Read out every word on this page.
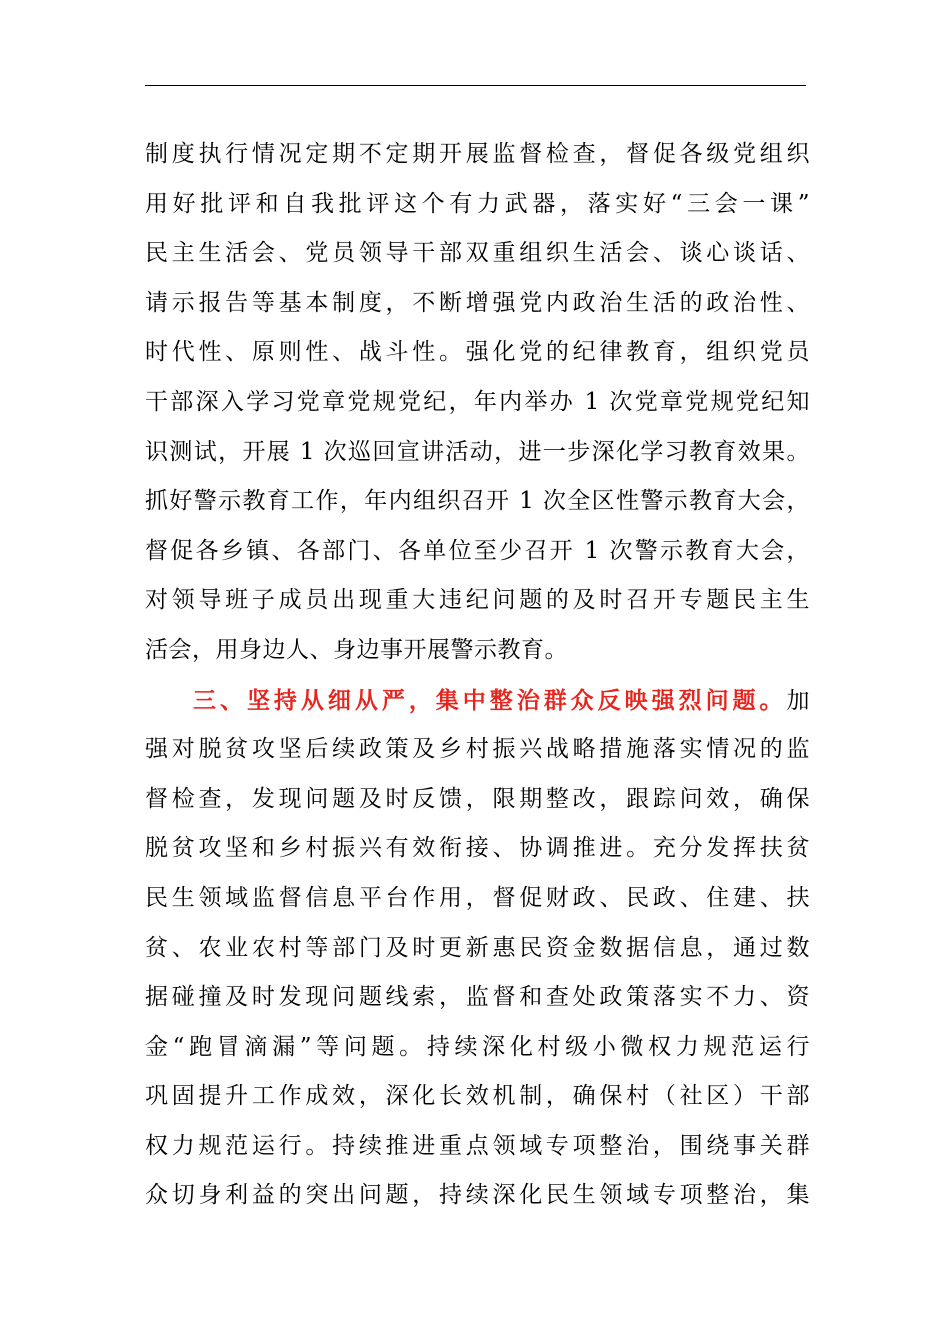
制度执行情况定期不定期开展监督检查，督促各级党组织
用好批评和自我批评这个有力武器，落实好“三会一课”
民主生活会、党员领导干部双重组织生活会、谈心谈话、
请示报告等基本制度，不断增强党内政治生活的政治性、
时代性、原则性、战斗性。强化党的纪律教育，组织党员
干部深入学习党章党规党纪，年内举办 1 次党章党规党纪知
识测试，开展 1 次巡回宣讲活动，进一步深化学习教育效果。
抓好警示教育工作，年内组织召开 1 次全区性警示教育大会，
督促各乡镇、各部门、各单位至少召开 1 次警示教育大会，
对领导班子成员出现重大违纪问题的及时召开专题民主生
活会，用身边人、身边事开展警示教育。
三、坚持从细从严，集中整治群众反映强烈问题。加
强对脱贫攻坚后续政策及乡村振兴战略措施落实情况的监
督检查，发现问题及时反馈，限期整改，跟踪问效，确保
脱贫攻坚和乡村振兴有效衔接、协调推进。充分发挥扶贫
民生领域监督信息平台作用，督促财政、民政、住建、扶
贫、农业农村等部门及时更新惠民资金数据信息，通过数
据碰撞及时发现问题线索，监督和查处政策落实不力、资
金“跑冒滴漏”等问题。持续深化村级小微权力规范运行
巩固提升工作成效，深化长效机制，确保村（社区）干部
权力规范运行。持续推进重点领域专项整治，围绕事关群
众切身利益的突出问题，持续深化民生领域专项整治，集
